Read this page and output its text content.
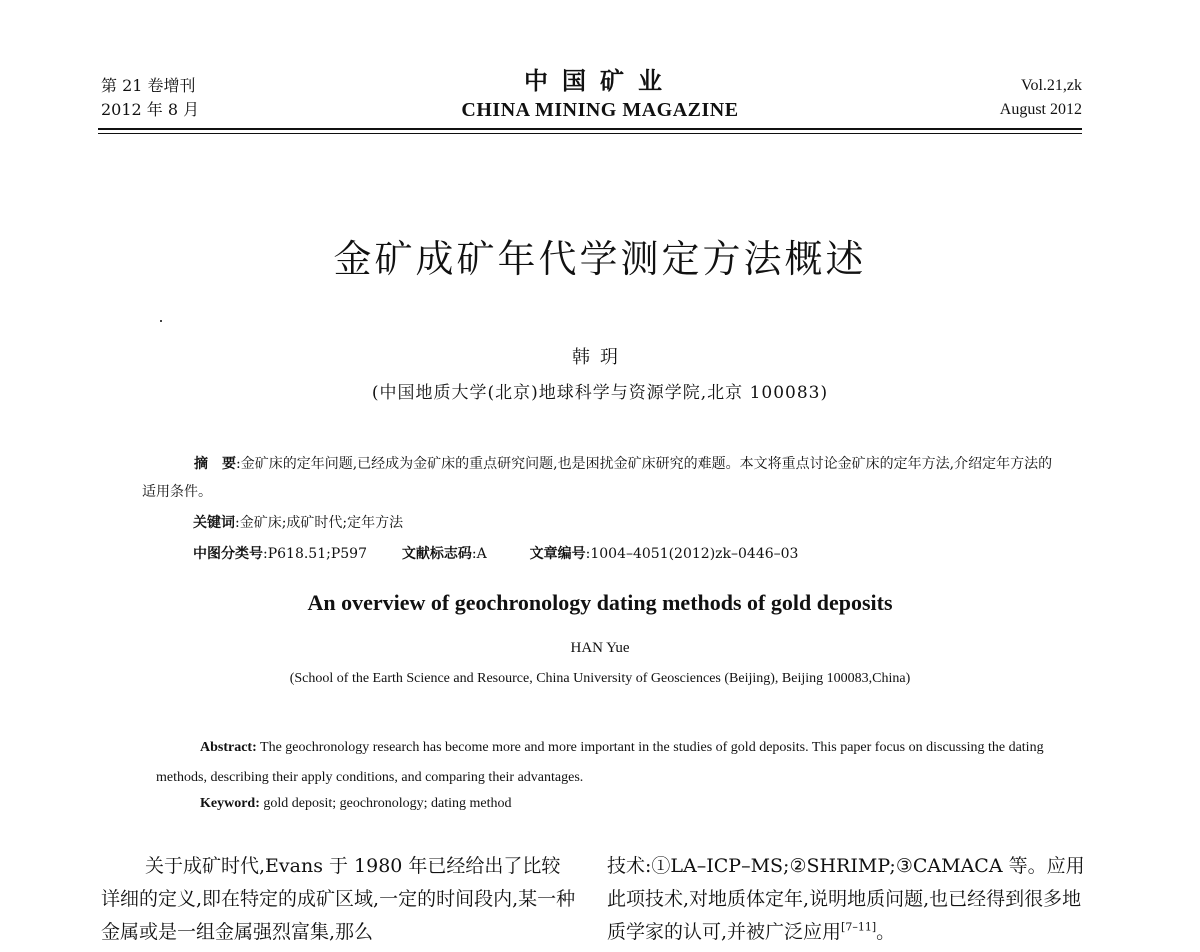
第 21 卷增刊
2012 年 8 月
中国矿业
CHINA MINING MAGAZINE
Vol.21,zk
August 2012
金矿成矿年代学测定方法概述
韩玥
(中国地质大学(北京)地球科学与资源学院,北京 100083)
摘　要:金矿床的定年问题,已经成为金矿床的重点研究问题,也是困扰金矿床研究的难题。本文将重点讨论金矿床的定年方法,介绍定年方法的适用条件。
关键词:金矿床;成矿时代;定年方法
中图分类号:P618.51;P597 文献标志码:A	文章编号:1004–4051(2012)zk–0446–03
An overview of geochronology dating methods of gold deposits
HAN Yue
(School of the Earth Science and Resource, China University of Geosciences (Beijing), Beijing 100083,China)
Abstract: The geochronology research has become more and more important in the studies of gold deposits. This paper focus on discussing the dating methods, describing their apply conditions, and comparing their advantages.
Keyword: gold deposit; geochronology; dating method
关于成矿时代,Evans 于 1980 年已经给出了比较详细的定义,即在特定的成矿区域,一定的时间段内,某一种金属或是一组金属强烈富集,那么
技术:①LA–ICP–MS;②SHRIMP;③CAMACA 等。应用此项技术,对地质体定年,说明地质问题,也已经得到很多地质学家的认可,并被广泛应用[7–11]。
